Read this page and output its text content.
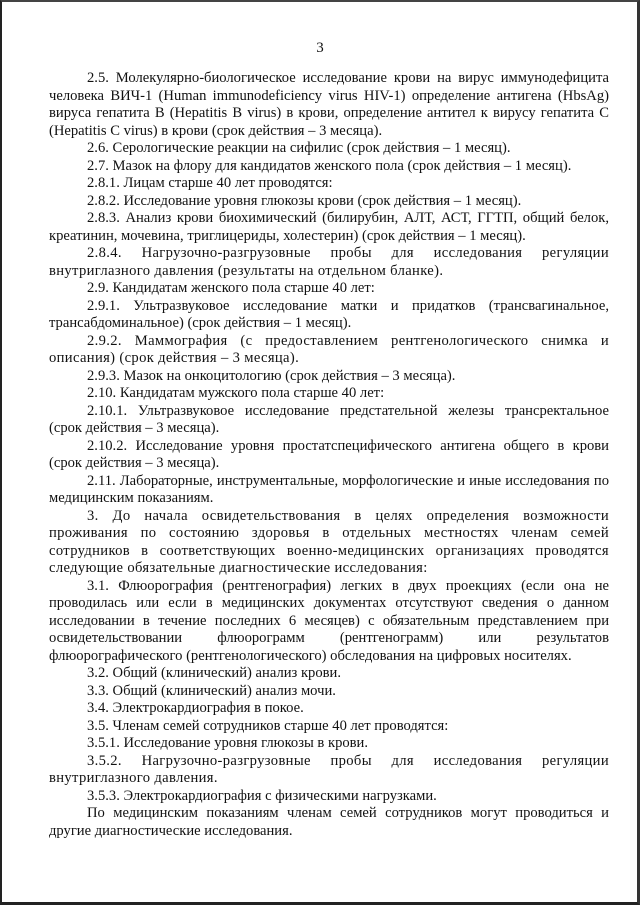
3

2.5. Молекулярно-биологическое исследование крови на вирус иммунодефицита человека ВИЧ-1 (Human immunodeficiency virus HIV-1) определение антигена (HbsAg) вируса гепатита В (Hepatitis В virus) в крови, определение антител к вирусу гепатита С (Hepatitis С virus) в крови (срок действия – 3 месяца).

2.6. Серологические реакции на сифилис (срок действия – 1 месяц).

2.7. Мазок на флору для кандидатов женского пола (срок действия – 1 месяц).

2.8.1. Лицам старше 40 лет проводятся:

2.8.2. Исследование уровня глюкозы крови (срок действия – 1 месяц).

2.8.3. Анализ крови биохимический (билирубин, АЛТ, АСТ, ГГТП, общий белок, креатинин, мочевина, триглицериды, холестерин) (срок действия – 1 месяц).

2.8.4. Нагрузочно-разгрузовные пробы для исследования регуляции внутриглазного давления (результаты на отдельном бланке).

2.9. Кандидатам женского пола старше 40 лет:

2.9.1. Ультразвуковое исследование матки и придатков (трансвагинальное, трансабдоминальное) (срок действия – 1 месяц).

2.9.2. Маммография (с предоставлением рентгенологического снимка и описания) (срок действия – 3 месяца).

2.9.3. Мазок на онкоцитологию (срок действия – 3 месяца).

2.10. Кандидатам мужского пола старше 40 лет:

2.10.1. Ультразвуковое исследование предстательной железы трансректальное (срок действия – 3 месяца).

2.10.2. Исследование уровня простатспецифического антигена общего в крови (срок действия – 3 месяца).

2.11. Лабораторные, инструментальные, морфологические и иные исследования по медицинским показаниям.

3. До начала освидетельствования в целях определения возможности проживания по состоянию здоровья в отдельных местностях членам семей сотрудников в соответствующих военно-медицинских организациях проводятся следующие обязательные диагностические исследования:

3.1. Флюорография (рентгенография) легких в двух проекциях (если она не проводилась или если в медицинских документах отсутствуют сведения о данном исследовании в течение последних 6 месяцев) с обязательным представлением при освидетельствовании флюорограмм (рентгенограмм) или результатов флюорографического (рентгенологического) обследования на цифровых носителях.

3.2. Общий (клинический) анализ крови.

3.3. Общий (клинический) анализ мочи.

3.4. Электрокардиография в покое.

3.5. Членам семей сотрудников старше 40 лет проводятся:

3.5.1. Исследование уровня глюкозы в крови.

3.5.2. Нагрузочно-разгрузовные пробы для исследования регуляции внутриглазного давления.

3.5.3. Электрокардиография с физическими нагрузками.

По медицинским показаниям членам семей сотрудников могут проводиться и другие диагностические исследования.
